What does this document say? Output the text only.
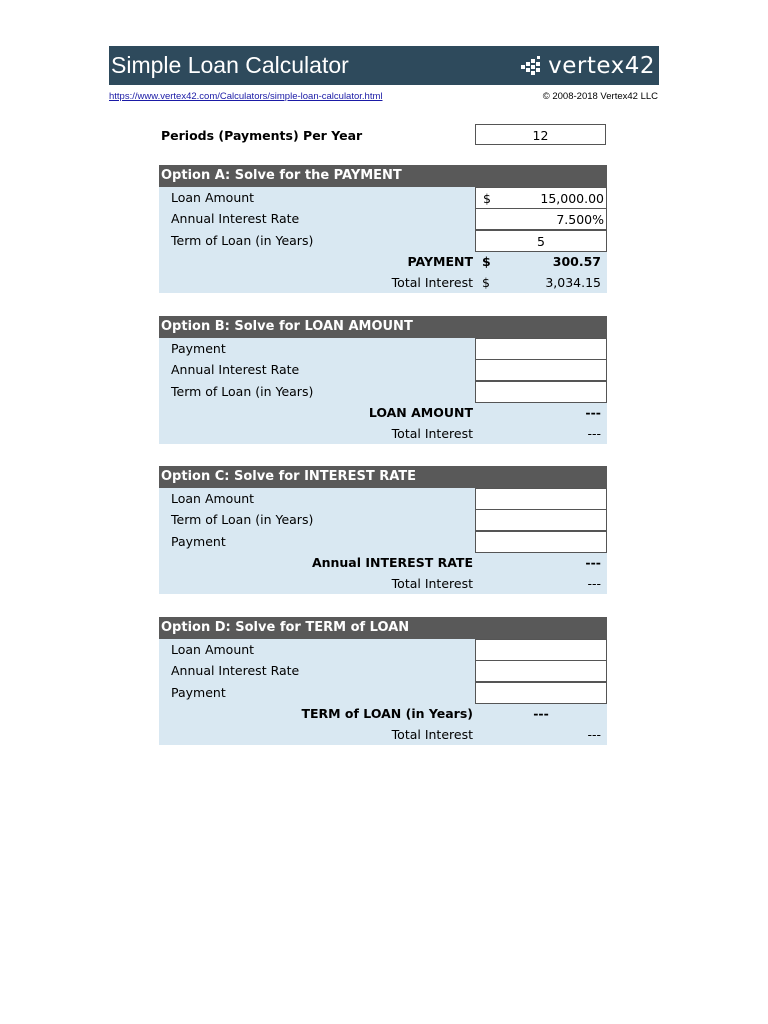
Simple Loan Calculator	vertex42
https://www.vertex42.com/Calculators/simple-loan-calculator.html	© 2008-2018 Vertex42 LLC
Periods (Payments) Per Year	12
Option A: Solve for the PAYMENT
Loan Amount	$	15,000.00
Annual Interest Rate	7.500%
Term of Loan (in Years)	5
PAYMENT $	300.57
Total Interest $	3,034.15
Option B: Solve for LOAN AMOUNT
Payment
Annual Interest Rate
Term of Loan (in Years)
LOAN AMOUNT	---
Total Interest	---
Option C: Solve for INTEREST RATE
Loan Amount
Term of Loan (in Years)
Payment
Annual INTEREST RATE	---
Total Interest	---
Option D: Solve for TERM of LOAN
Loan Amount
Annual Interest Rate
Payment
TERM of LOAN (in Years)	---
Total Interest	---
